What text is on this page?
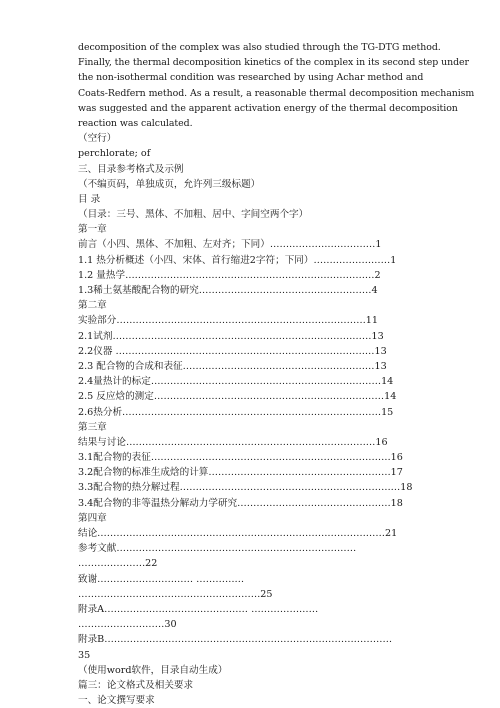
decomposition of the complex was also studied through the TG-DTG method.
Finally, the thermal decomposition kinetics of the complex in its second step under
the non-isothermal condition was researched by using Achar method and
Coats-Redfern method. As a result, a reasonable thermal decomposition mechanism
was suggested and the apparent activation energy of the thermal decomposition
reaction was calculated.
（空行）
perchlorate; of
三、目录参考格式及示例
（不编页码，单独成页，允许列三级标题）
目 录
（目录：三号、黑体、不加粗、居中、字间空两个字）
第一章
前言（小四、黑体、不加粗、左对齐；下同）……………………………1
1.1 热分析概述（小四、宋体、首行缩进2字符；下同）……………………1
1.2 量热学……………………………………………………………………2
1.3稀土氨基酸配合物的研究………………………………………………4
第二章
实验部分……………………………………………………………………11
2.1试剂………………………………………………………………………13
2.2仪器 ………………………………………………………………………13
2.3 配合物的合成和表征……………………………………………………13
2.4量热计的标定………………………………………………………………14
2.5 反应焓的测定………………………………………………………………14
2.6热分析………………………………………………………………………15
第三章
结果与讨论……………………………………………………………………16
3.1配合物的表征…………………………………………………………………16
3.2配合物的标准生成焓的计算…………………………………………………17
3.3配合物的热分解过程……………………………………………………………18
3.4配合物的非等温热分解动力学研究…………………………………………18
第四章
结论………………………………………………………………………………21
参考文献…………………………………………………………………
…………………22
致谢………………………… ……………
…………………………………………………25
附录A……………………………………… …………………
………………………30
附录B………………………………………………………………………………
35
（使用word软件，目录自动生成）
篇三：论文格式及相关要求
一、论文撰写要求
